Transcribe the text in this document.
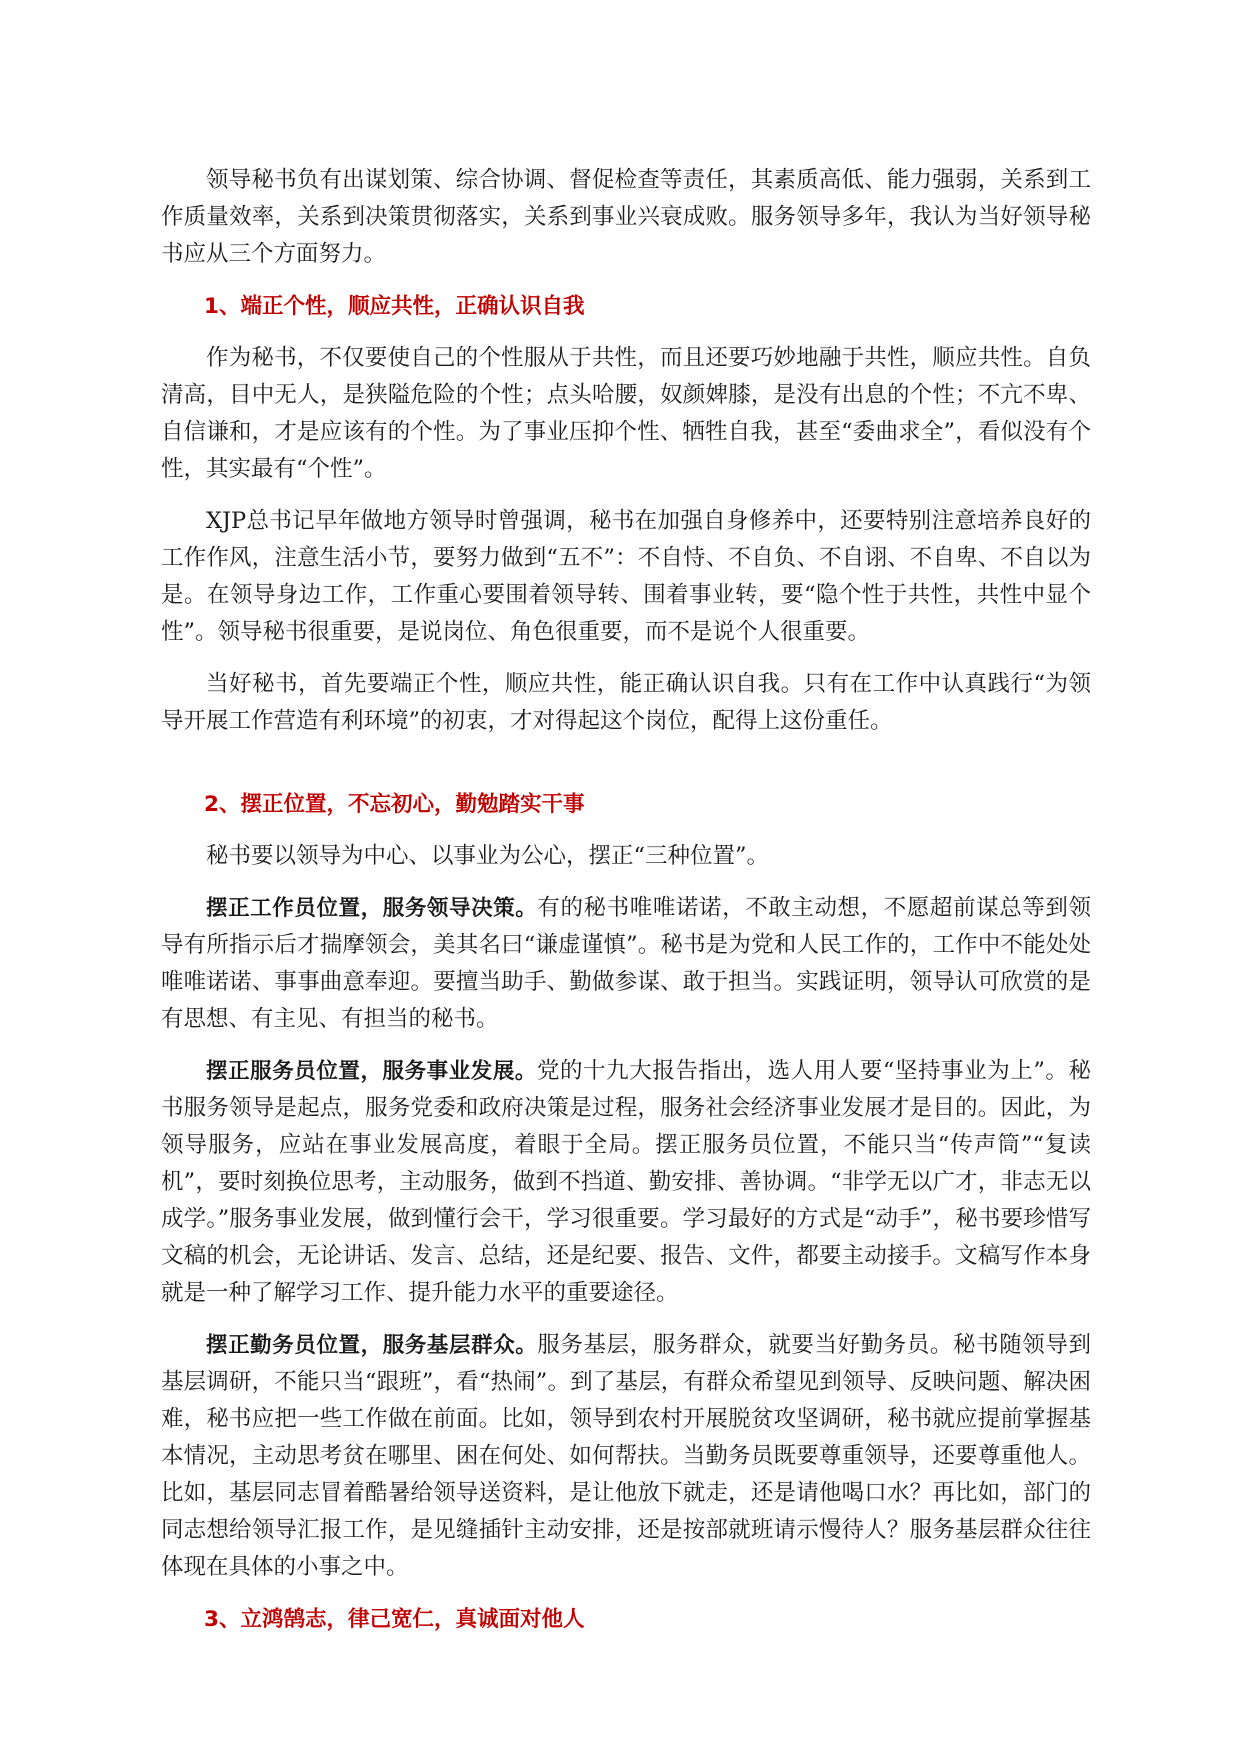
领导秘书负有出谋划策、综合协调、督促检查等责任，其素质高低、能力强弱，关系到工作质量效率，关系到决策贯彻落实，关系到事业兴衰成败。服务领导多年，我认为当好领导秘书应从三个方面努力。

1、端正个性，顺应共性，正确认识自我

作为秘书，不仅要使自己的个性服从于共性，而且还要巧妙地融于共性，顺应共性。自负清高，目中无人，是狭隘危险的个性；点头哈腰，奴颜婢膝，是没有出息的个性；不亢不卑、自信谦和，才是应该有的个性。为了事业压抑个性、牺牲自我，甚至“委曲求全”，看似没有个性，其实最有“个性”。

XJP总书记早年做地方领导时曾强调，秘书在加强自身修养中，还要特别注意培养良好的工作作风，注意生活小节，要努力做到“五不”：不自恃、不自负、不自诩、不自卑、不自以为是。在领导身边工作，工作重心要围着领导转、围着事业转，要“隐个性于共性，共性中显个性”。领导秘书很重要，是说岗位、角色很重要，而不是说个人很重要。

当好秘书，首先要端正个性，顺应共性，能正确认识自我。只有在工作中认真践行“为领导开展工作营造有利环境”的初衷，才对得起这个岗位，配得上这份重任。

2、摆正位置，不忘初心，勤勉踏实干事

秘书要以领导为中心、以事业为公心，摆正“三种位置”。

摆正工作员位置，服务领导决策。有的秘书唯唯诺诺，不敢主动想，不愿超前谋总等到领导有所指示后才揣摩领会，美其名曰“谦虚谨慎”。秘书是为党和人民工作的，工作中不能处处唯唯诺诺、事事曲意奉迎。要擅当助手、勤做参谋、敢于担当。实践证明，领导认可欣赏的是有思想、有主见、有担当的秘书。

摆正服务员位置，服务事业发展。党的十九大报告指出，选人用人要“坚持事业为上”。秘书服务领导是起点，服务党委和政府决策是过程，服务社会经济事业发展才是目的。因此，为领导服务，应站在事业发展高度，着眼于全局。摆正服务员位置，不能只当“传声筒”“复读机”，要时刻换位思考，主动服务，做到不挡道、勤安排、善协调。“非学无以广才，非志无以成学。”服务事业发展，做到懂行会干，学习很重要。学习最好的方式是“动手”，秘书要珍惜写文稿的机会，无论讲话、发言、总结，还是纪要、报告、文件，都要主动接手。文稿写作本身就是一种了解学习工作、提升能力水平的重要途径。

摆正勤务员位置，服务基层群众。服务基层，服务群众，就要当好勤务员。秘书随领导到基层调研，不能只当“跟班”，看“热闹”。到了基层，有群众希望见到领导、反映问题、解决困难，秘书应把一些工作做在前面。比如，领导到农村开展脱贫攻坚调研，秘书就应提前掌握基本情况，主动思考贫在哪里、困在何处、如何帮扶。当勤务员既要尊重领导，还要尊重他人。比如，基层同志冒着酷暑给领导送资料，是让他放下就走，还是请他喝口水？再比如，部门的同志想给领导汇报工作，是见缝插针主动安排，还是按部就班请示慢待人？服务基层群众往往体现在具体的小事之中。

3、立鸿鹄志，律己宽仁，真诚面对他人
